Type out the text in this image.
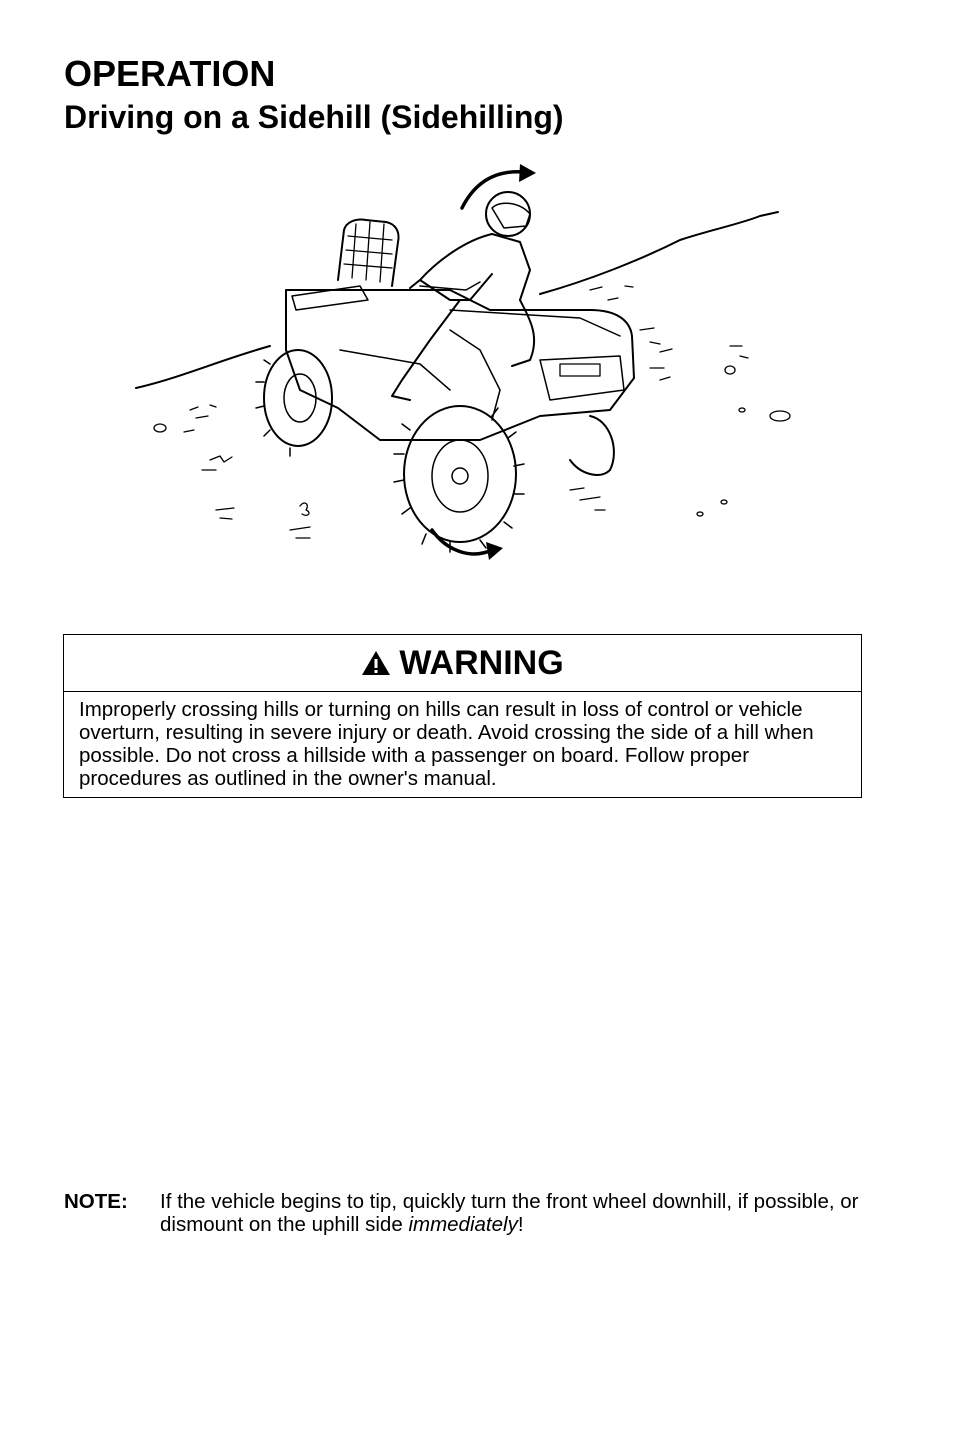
OPERATION
Driving on a Sidehill (Sidehilling)
WARNING
Improperly crossing hills or turning on hills can result in loss of control or vehicle overturn, resulting in severe injury or death. Avoid crossing the side of a hill when possible. Do not cross a hillside with a passenger on board. Follow proper procedures as outlined in the owner's manual.
NOTE: If the vehicle begins to tip, quickly turn the front wheel downhill, if possible, or dismount on the uphill side immediately!
